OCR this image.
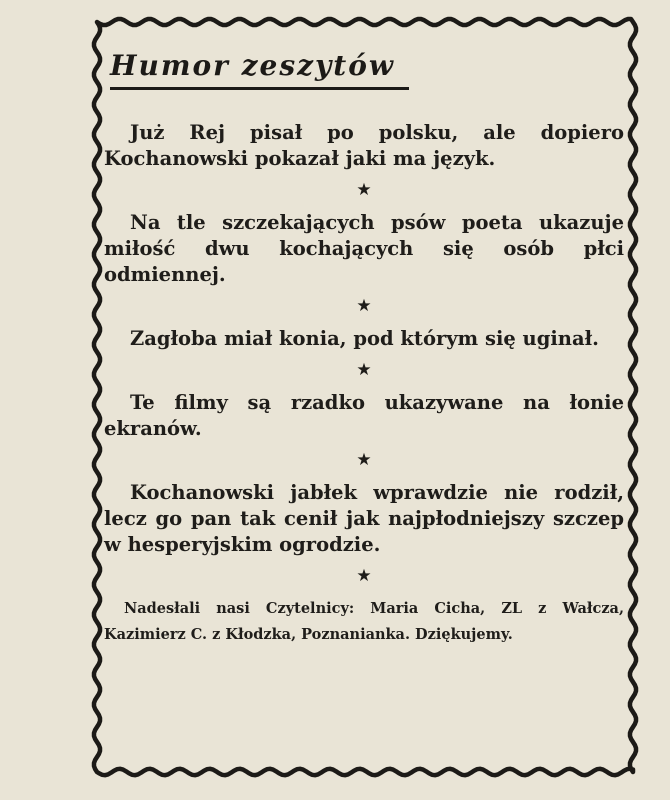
Humor zeszytów

Już Rej pisał po polsku, ale dopiero Kochanowski pokazał jaki ma język.

★

Na tle szczekających psów poeta ukazuje miłość dwu kochających się osób płci odmiennej.

★

Zagłoba miał konia, pod którym się uginał.

★

Te filmy są rzadko ukazywane na łonie ekranów.

★

Kochanowski jabłek wprawdzie nie rodził, lecz go pan tak cenił jak najpłodniejszy szczep w hesperyjskim ogrodzie.

★

Nadesłali nasi Czytelnicy: Maria Cicha, ZL z Wałcza, Kazimierz C. z Kłodzka, Poznanianka. Dziękujemy.
